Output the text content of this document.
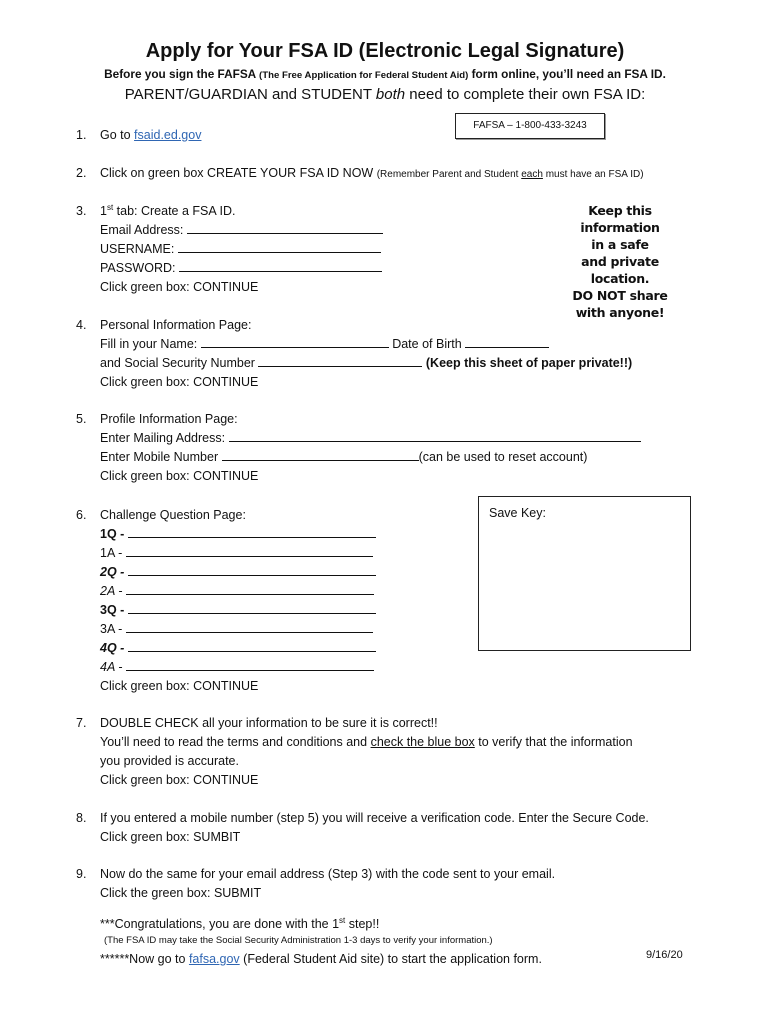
Apply for Your FSA ID (Electronic Legal Signature)
Before you sign the FAFSA (The Free Application for Federal Student Aid) form online, you’ll need an FSA ID.
PARENT/GUARDIAN and STUDENT both need to complete their own FSA ID:
FAFSA – 1-800-433-3243
1. Go to fsaid.ed.gov
2. Click on green box CREATE YOUR FSA ID NOW (Remember Parent and Student each must have an FSA ID)
3. 1st tab: Create a FSA ID.
Email Address:
USERNAME:
PASSWORD:
Click green box: CONTINUE
Keep this
information
in a safe
and private
location.
DO NOT share
with anyone!
4. Personal Information Page:
Fill in your Name:	Date of Birth
and Social Security Number	(Keep this sheet of paper private!!)
Click green box: CONTINUE
5. Profile Information Page:
Enter Mailing Address:
Enter Mobile Number	(can be used to reset account)
Click green box: CONTINUE
6. Challenge Question Page:
1Q -
1A -
2Q -
2A -
3Q -
3A -
4Q -
4A -
Click green box: CONTINUE
Save Key:
7. DOUBLE CHECK all your information to be sure it is correct!!
You’ll need to read the terms and conditions and check the blue box to verify that the information
you provided is accurate.
Click green box: CONTINUE
8. If you entered a mobile number (step 5) you will receive a verification code. Enter the Secure Code.
Click green box: SUMBIT
9. Now do the same for your email address (Step 3) with the code sent to your email.
Click the green box: SUBMIT
***Congratulations, you are done with the 1st step!!
(The FSA ID may take the Social Security Administration 1-3 days to verify your information.)
******Now go to fafsa.gov (Federal Student Aid site) to start the application form.	9/16/20
